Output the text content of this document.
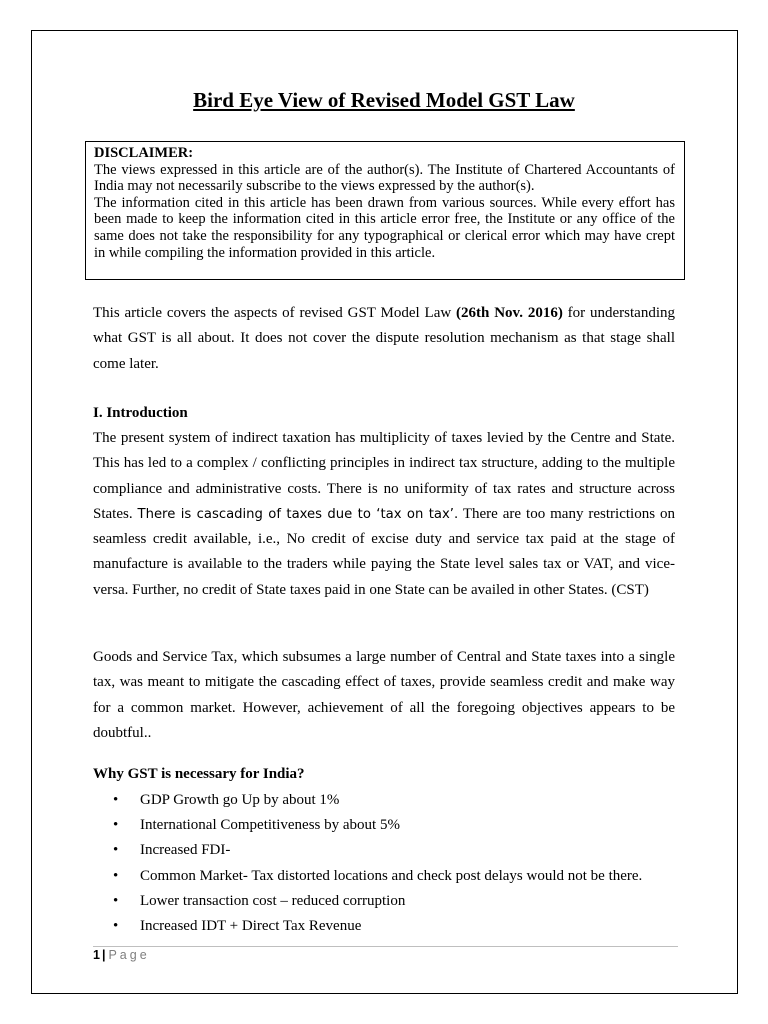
Bird Eye View of Revised Model GST Law
DISCLAIMER:
The views expressed in this article are of the author(s). The Institute of Chartered Accountants of India may not necessarily subscribe to the views expressed by the author(s).
The information cited in this article has been drawn from various sources. While every effort has been made to keep the information cited in this article error free, the Institute or any office of the same does not take the responsibility for any typographical or clerical error which may have crept in while compiling the information provided in this article.
This article covers the aspects of revised GST Model Law (26th Nov. 2016) for understanding what GST is all about. It does not cover the dispute resolution mechanism as that stage shall come later.
I. Introduction
The present system of indirect taxation has multiplicity of taxes levied by the Centre and State. This has led to a complex / conflicting principles in indirect tax structure, adding to the multiple compliance and administrative costs. There is no uniformity of tax rates and structure across States. There is cascading of taxes due to ‘tax on tax’. There are too many restrictions on seamless credit available, i.e., No credit of excise duty and service tax paid at the stage of manufacture is available to the traders while paying the State level sales tax or VAT, and vice-versa. Further, no credit of State taxes paid in one State can be availed in other States. (CST)
Goods and Service Tax, which subsumes a large number of Central and State taxes into a single tax, was meant to mitigate the cascading effect of taxes, provide seamless credit and make way for a common market. However, achievement of all the foregoing objectives appears to be doubtful..
Why GST is necessary for India?
• GDP Growth go Up by about 1%
• International Competitiveness by about 5%
• Increased FDI-
• Common Market- Tax distorted locations and check post delays would not be there.
• Lower transaction cost – reduced corruption
• Increased IDT + Direct Tax Revenue
1 | Page
